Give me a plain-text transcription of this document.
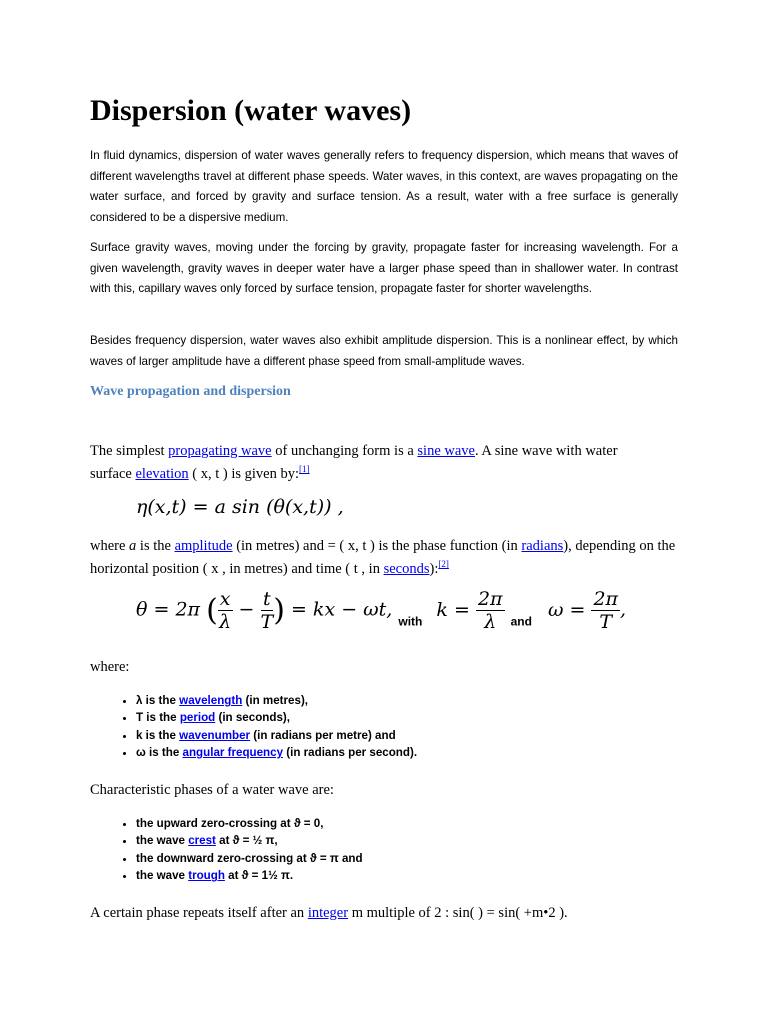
Dispersion (water waves)

In fluid dynamics, dispersion of water waves generally refers to frequency dispersion, which means that waves of different wavelengths travel at different phase speeds. Water waves, in this context, are waves propagating on the water surface, and forced by gravity and surface tension. As a result, water with a free surface is generally considered to be a dispersive medium.

Surface gravity waves, moving under the forcing by gravity, propagate faster for increasing wavelength. For a given wavelength, gravity waves in deeper water have a larger phase speed than in shallower water. In contrast with this, capillary waves only forced by surface tension, propagate faster for shorter wavelengths.

Besides frequency dispersion, water waves also exhibit amplitude dispersion. This is a nonlinear effect, by which waves of larger amplitude have a different phase speed from small-amplitude waves.

Wave propagation and dispersion

The simplest propagating wave of unchanging form is a sine wave. A sine wave with water surface elevation ( x, t ) is given by:[1]

η(x,t) = a sin (θ(x,t)) ,

where a is the amplitude (in metres) and = ( x, t ) is the phase function (in radians), depending on the horizontal position ( x , in metres) and time ( t , in seconds):[2]

θ = 2π ( $\frac{x}{\lambda} - \frac{t}{T}$ ) = kx − ωt, $_{with}$ $k = \frac{2\pi}{\lambda} _{and}$ $\omega = \frac{2\pi}{T}$ ,

where:

• λ is the wavelength (in metres),
• T is the period (in seconds),
• k is the wavenumber (in radians per metre) and
• ω is the angular frequency (in radians per second).

Characteristic phases of a water wave are:

• the upward zero-crossing at ϑ = 0,
• the wave crest at ϑ = ½ π,
• the downward zero-crossing at ϑ = π and
• the wave trough at ϑ = 1½ π.

A certain phase repeats itself after an integer m multiple of 2 : sin( ) = sin( +m•2 ).
